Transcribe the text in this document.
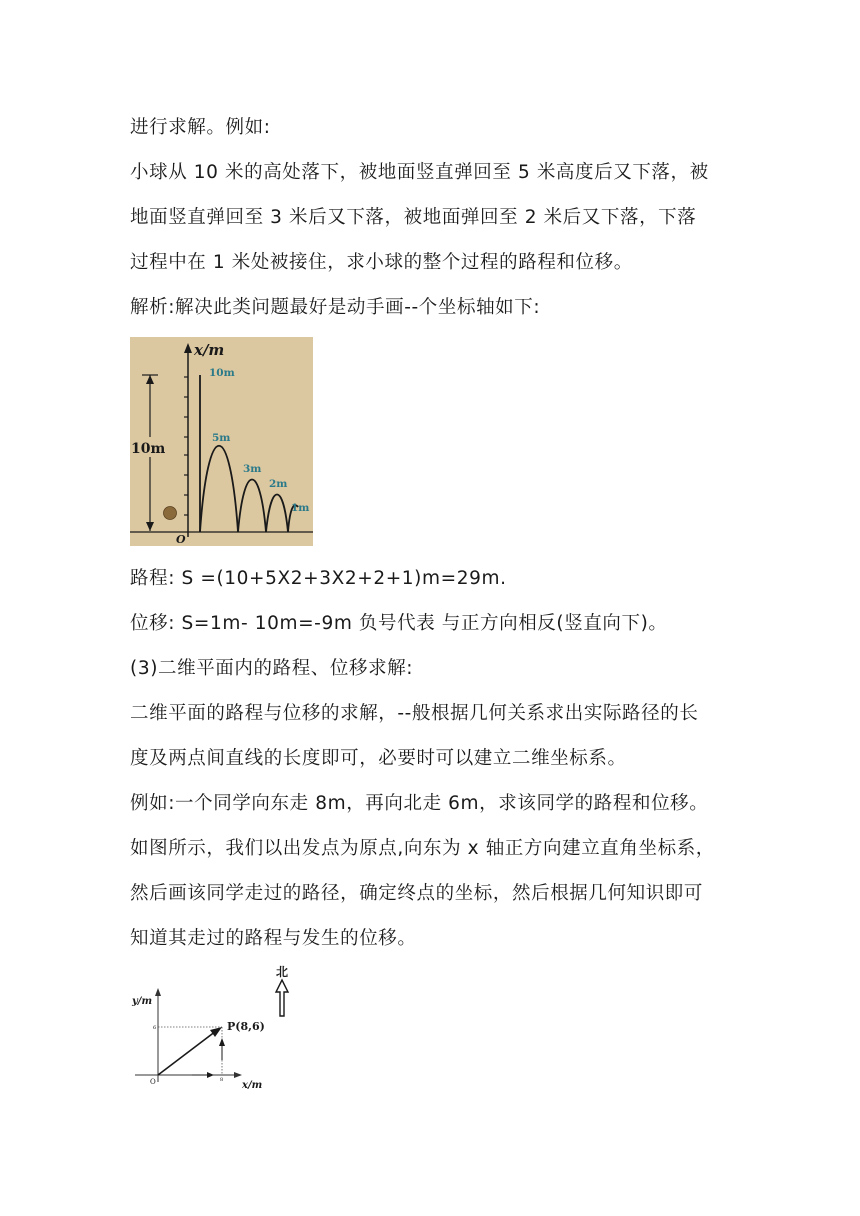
进行求解。例如:
小球从 10 米的高处落下，被地面竖直弹回至 5 米高度后又下落，被
地面竖直弹回至 3 米后又下落，被地面弹回至 2 米后又下落，下落
过程中在 1 米处被接住，求小球的整个过程的路程和位移。
解析:解决此类问题最好是动手画--个坐标轴如下:
x/m
O
10m
10m
5m
3m
2m
1m
路程: S =(10+5X2+3X2+2+1)m=29m.
位移: S=1m- 10m=-9m 负号代表 与正方向相反(竖直向下)。
(3)二维平面内的路程、位移求解:
二维平面的路程与位移的求解，--般根据几何关系求出实际路径的长
度及两点间直线的长度即可，必要时可以建立二维坐标系。
例如:一个同学向东走 8m，再向北走 6m，求该同学的路程和位移。
如图所示，我们以出发点为原点,向东为 x 轴正方向建立直角坐标系，
然后画该同学走过的路径，确定终点的坐标，然后根据几何知识即可
知道其走过的路程与发生的位移。
北
y/m
x/m
O
6
8
P(8,6)
